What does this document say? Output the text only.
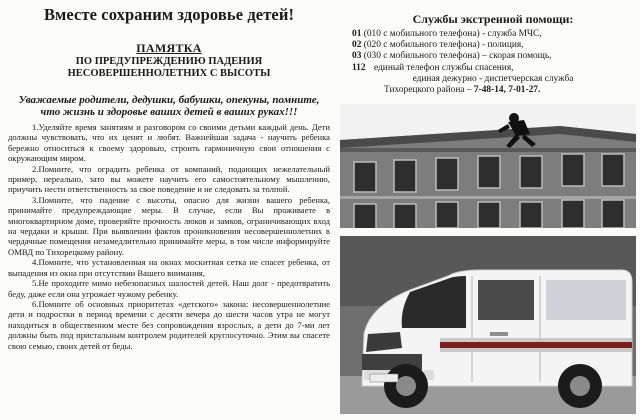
Вместе сохраним здоровье детей!
ПАМЯТКА
ПО ПРЕДУПРЕЖДЕНИЮ ПАДЕНИЯ
НЕСОВЕРШЕННОЛЕТНИХ С ВЫСОТЫ
Уважаемые родители, дедушки, бабушки, опекуны, помните, что жизнь и здоровье ваших детей в ваших руках!!!

1.Уделяйте время занятиям и разговором со своими детьми каждый день. Дети должны чувствовать, что их ценят и любят. Важнейшая задача - научить ребенка бережно относиться к своему здоровью, строить гармоничную свои отношения с окружающим миром.

2.Помните, что оградить ребенка от компаний, подающих нежелательный пример, нереально, зато вы можете научить его самостоятельному мышлению, приучить нести ответственность за свое поведение и не следовать за толпой.

3.Помните, что падение с высоты, опасно для жизни вашего ребенка, принимайте предупреждающие меры. В случае, если Вы проживаете в многоквартирном доме, проверяйте прочность люков и замков, ограничивающих вход на чердаки и крыши. При выявлении фактов проникновения несовершеннолетних в чердачные помещения незамедлительно принимайте меры, в том числе информируйте ОМВД по Тихорецкому району.

4.Помните, что установленная на окнах москитная сетка не спасет ребенка, от выпадения из окна при отсутствии Вашего внимания,

5.Не проходите мимо небезопасных шалостей детей. Наш долг - предотвратить беду, даже если она угрожает чужому ребенку.

6.Помните об основных приоритетах «детского» закона: несовершеннолетние дети и подростки в период времени с десяти вечера до шести часов утра не могут находиться в общественном месте без сопровождения взрослых, а дети до 7-ми лет должны быть под пристальным контролем родителей круглосуточно. Этим вы спасете свою семью, своих детей от беды.

Службы экстренной помощи:
01 (010 с мобильного телефона) - служба МЧС,
02 (020 с мобильного телефона) - полиция,
03 (030 с мобильного телефона) – скорая помощь,
112 единый телефон службы спасения,
единая дежурно - диспетчерская служба
Тихорецкого района – 7-48-14, 7-01-27.
